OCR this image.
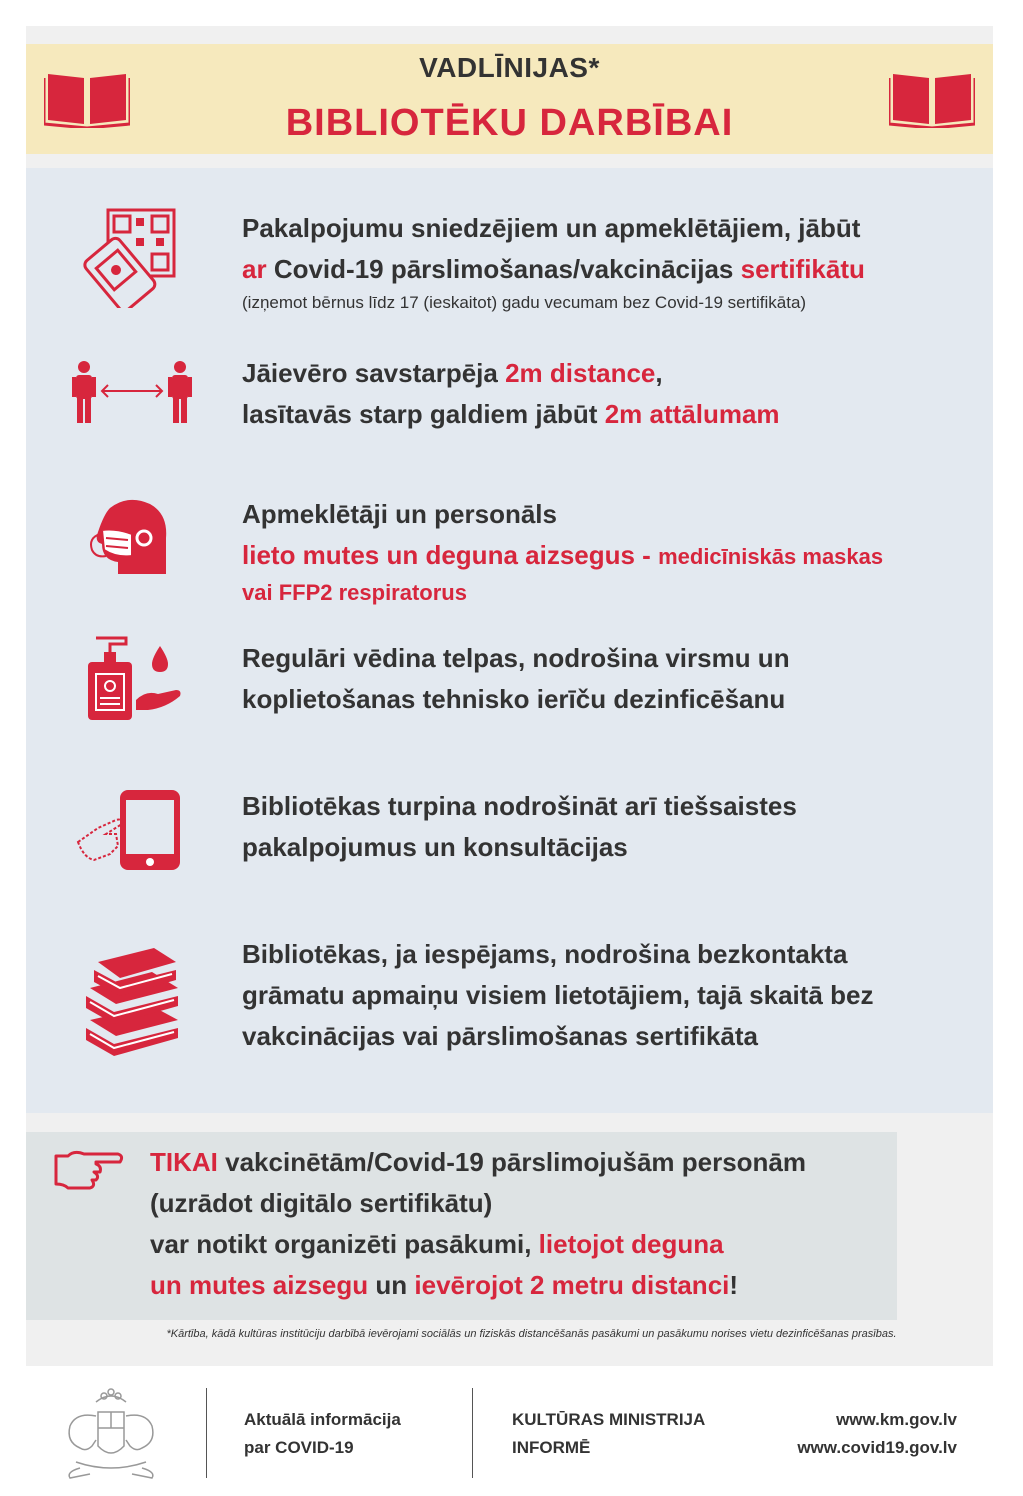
VADLĪNIJAS*
BIBLIOTĒKU DARBĪBAI
Pakalpojumu sniedzējiem un apmeklētājiem, jābūt
ar Covid-19 pārslimošanas/vakcinācijas sertifikātu
(izņemot bērnus līdz 17 (ieskaitot) gadu vecumam bez Covid-19 sertifikāta)
Jāievēro savstarpēja 2m distance,
lasītavās starp galdiem jābūt 2m attālumam
Apmeklētāji un personāls
lieto mutes un deguna aizsegus - medicīniskās maskas
vai FFP2 respiratorus
Regulāri vēdina telpas, nodrošina virsmu un
koplietošanas tehnisko ierīču dezinficēšanu
Bibliotēkas turpina nodrošināt arī tiešsaistes
pakalpojumus un konsultācijas
Bibliotēkas, ja iespējams, nodrošina bezkontakta
grāmatu apmaiņu visiem lietotājiem, tajā skaitā bez
vakcinācijas vai pārslimošanas sertifikāta
TIKAI vakcinētām/Covid-19 pārslimojušām personām
(uzrādot digitālo sertifikātu)
var notikt organizēti pasākumi, lietojot deguna
un mutes aizsegu un ievērojot 2 metru distanci!
*Kārtība, kādā kultūras institūciju darbībā ievērojami sociālās un fiziskās distancēšanās pasākumi un pasākumu norises vietu dezinficēšanas prasības.
Aktuālā informācija
par COVID-19
KULTŪRAS MINISTRIJA
INFORMĒ
www.km.gov.lv
www.covid19.gov.lv
